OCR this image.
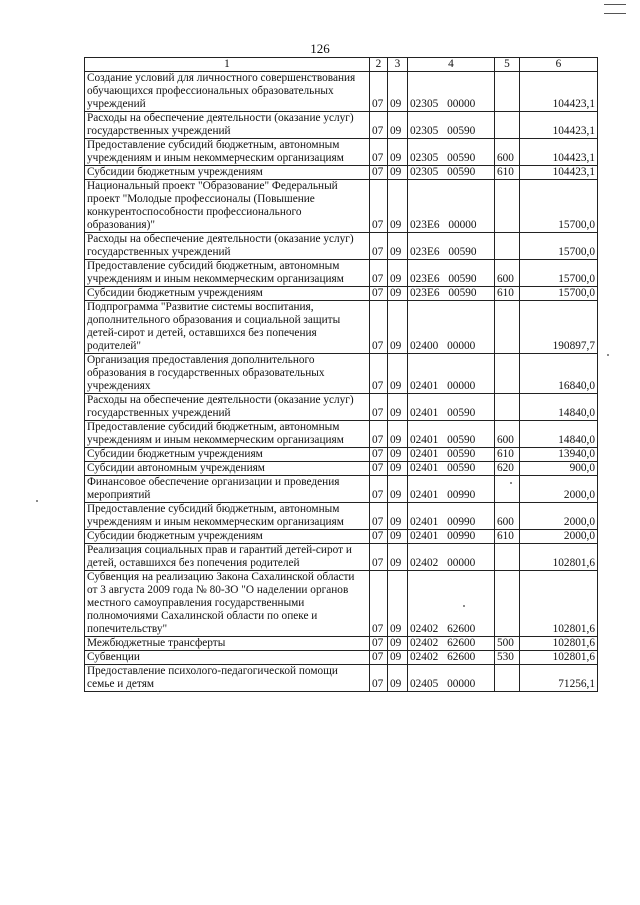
126
1	2	3	4	5	6
Создание условий для личностного совершенствования обучающихся профессиональных образовательных учреждений	07	09	02305 00000		104423,1
Расходы на обеспечение деятельности (оказание услуг) государственных учреждений	07	09	02305 00590		104423,1
Предоставление субсидий бюджетным, автономным учреждениям и иным некоммерческим организациям	07	09	02305 00590	600	104423,1
Субсидии бюджетным учреждениям	07	09	02305 00590	610	104423,1
Национальный проект "Образование" Федеральный проект "Молодые профессионалы (Повышение конкурентоспособности профессионального образования)"	07	09	023E6 00000		15700,0
Расходы на обеспечение деятельности (оказание услуг) государственных учреждений	07	09	023E6 00590		15700,0
Предоставление субсидий бюджетным, автономным учреждениям и иным некоммерческим организациям	07	09	023E6 00590	600	15700,0
Субсидии бюджетным учреждениям	07	09	023E6 00590	610	15700,0
Подпрограмма "Развитие системы воспитания, дополнительного образования и социальной защиты детей-сирот и детей, оставшихся без попечения родителей"	07	09	02400 00000		190897,7
Организация предоставления дополнительного образования в государственных образовательных учреждениях	07	09	02401 00000		16840,0
Расходы на обеспечение деятельности (оказание услуг) государственных учреждений	07	09	02401 00590		14840,0
Предоставление субсидий бюджетным, автономным учреждениям и иным некоммерческим организациям	07	09	02401 00590	600	14840,0
Субсидии бюджетным учреждениям	07	09	02401 00590	610	13940,0
Субсидии автономным учреждениям	07	09	02401 00590	620	900,0
Финансовое обеспечение организации и проведения мероприятий	07	09	02401 00990		2000,0
Предоставление субсидий бюджетным, автономным учреждениям и иным некоммерческим организациям	07	09	02401 00990	600	2000,0
Субсидии бюджетным учреждениям	07	09	02401 00990	610	2000,0
Реализация социальных прав и гарантий детей-сирот и детей, оставшихся без попечения родителей	07	09	02402 00000		102801,6
Субвенция на реализацию Закона Сахалинской области от 3 августа 2009 года № 80-ЗО "О наделении органов местного самоуправления государственными полномочиями Сахалинской области по опеке и попечительству"	07	09	02402 62600		102801,6
Межбюджетные трансферты	07	09	02402 62600	500	102801,6
Субвенции	07	09	02402 62600	530	102801,6
Предоставление психолого-педагогической помощи семье и детям	07	09	02405 00000		71256,1
